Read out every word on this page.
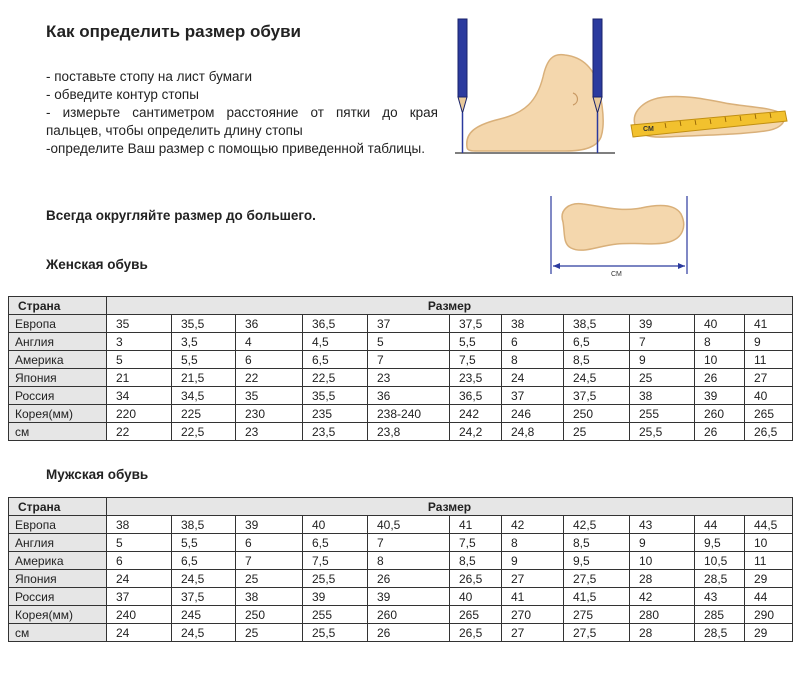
Как определить размер обуви
- поставьте стопу на лист бумаги
- обведите контур стопы
- измерьте сантиметром расстояние от пятки до края пальцев, чтобы определить длину стопы
-определите Ваш размер с помощью приведенной таблицы.
Всегда округляйте размер до большего.
СМ
СМ
Женская обувь
Страна	Размер										
Европа	35	35,5	36	36,5	37	37,5	38	38,5	39	40	41
Англия	3	3,5	4	4,5	5	5,5	6	6,5	7	8	9
Америка	5	5,5	6	6,5	7	7,5	8	8,5	9	10	11
Япония	21	21,5	22	22,5	23	23,5	24	24,5	25	26	27
Россия	34	34,5	35	35,5	36	36,5	37	37,5	38	39	40
Корея(мм)	220	225	230	235	238-240	242	246	250	255	260	265
см	22	22,5	23	23,5	23,8	24,2	24,8	25	25,5	26	26,5
Мужская обувь
Страна	Размер										
Европа	38	38,5	39	40	40,5	41	42	42,5	43	44	44,5
Англия	5	5,5	6	6,5	7	7,5	8	8,5	9	9,5	10
Америка	6	6,5	7	7,5	8	8,5	9	9,5	10	10,5	11
Япония	24	24,5	25	25,5	26	26,5	27	27,5	28	28,5	29
Россия	37	37,5	38	39	39	40	41	41,5	42	43	44
Корея(мм)	240	245	250	255	260	265	270	275	280	285	290
см	24	24,5	25	25,5	26	26,5	27	27,5	28	28,5	29
